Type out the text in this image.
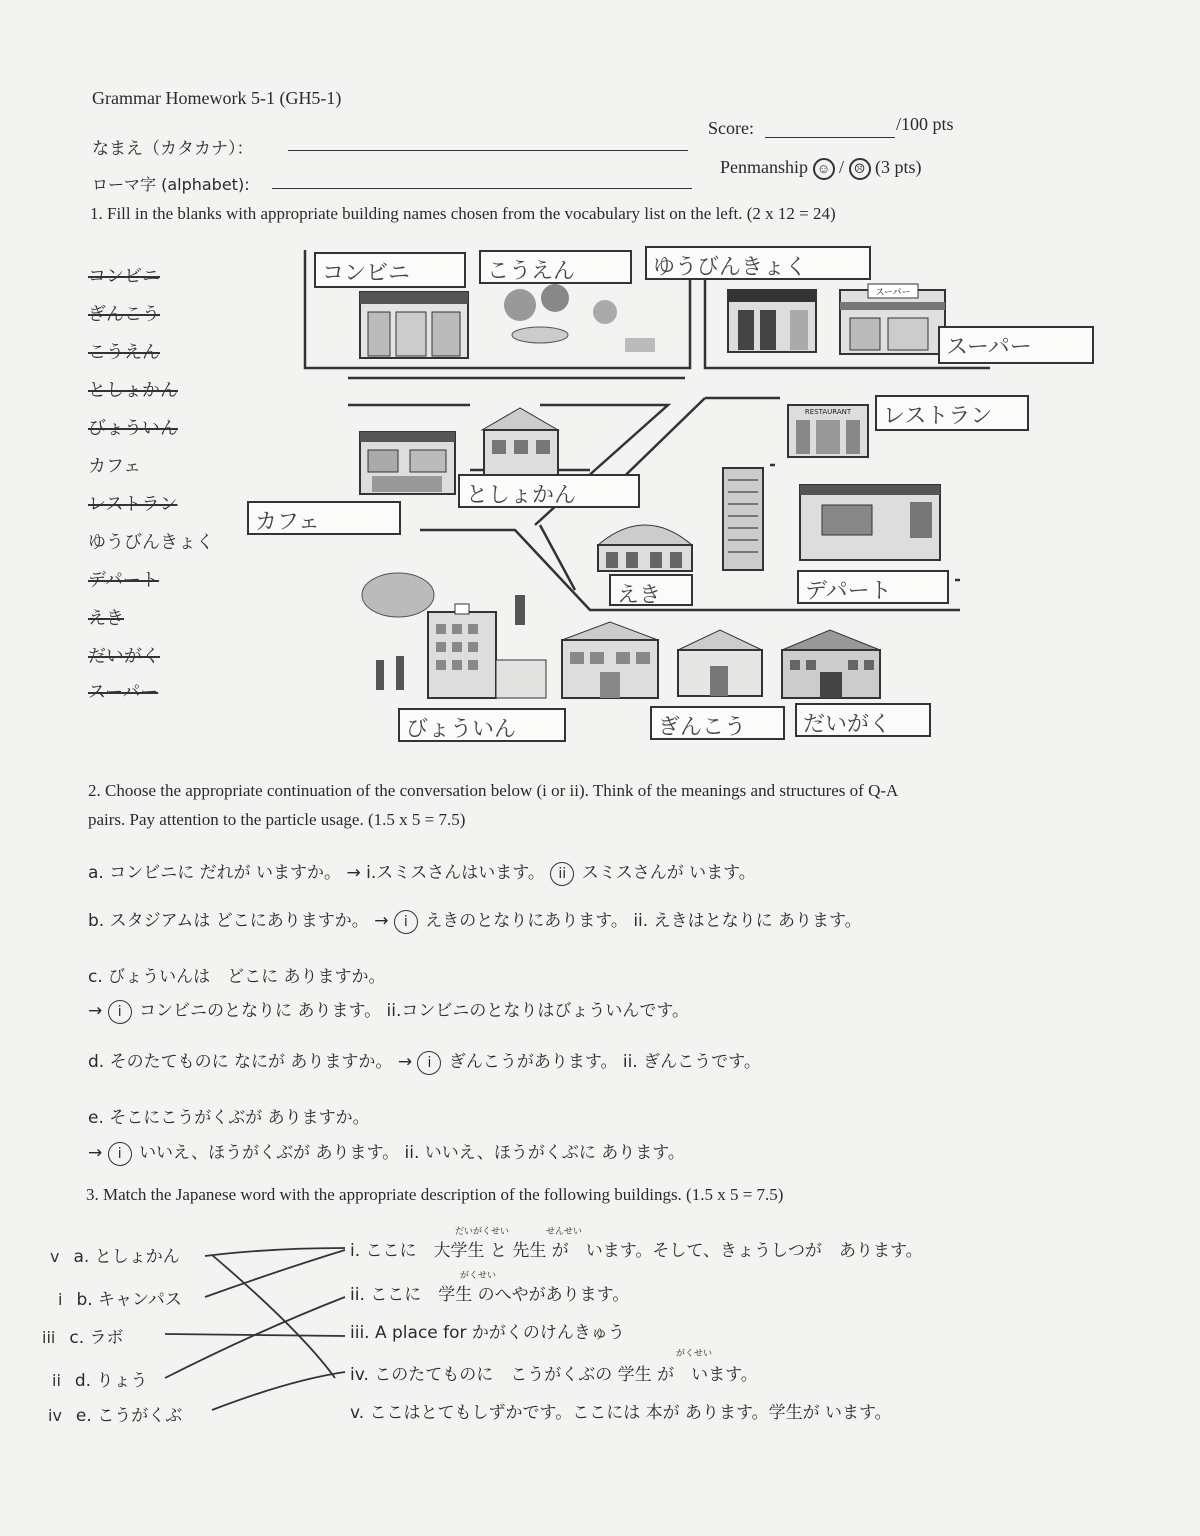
Grammar Homework 5-1 (GH5-1)
なまえ（カタカナ）：
ローマ字 (alphabet):
Score:	/100 pts
Penmanship ☺ / ☹ (3 pts)
1. Fill in the blanks with appropriate building names chosen from the vocabulary list on the left. (2 x 12 = 24)
コンビニ
ぎんこう
こうえん
としょかん
びょういん
カフェ
レストラン
ゆうびんきょく
デパート
えき
だいがく
スーパー
スーパー
RESTAURANT
コンビニ	こうえん	ゆうびんきょく
スーパー
レストラン
としょかん
カフェ
えき	デパート
びょういん	ぎんこう	だいがく
2. Choose the appropriate continuation of the conversation below (i or ii). Think of the meanings and structures of Q-A
pairs. Pay attention to the particle usage. (1.5 x 5 = 7.5)
a. コンビニに だれが いますか。 → i.スミスさんはいます。 ii スミスさんが います。
b. スタジアムは どこにありますか。 → i えきのとなりにあります。 ii. えきはとなりに あります。
c. びょういんは　どこに ありますか。
→ i コンビニのとなりに あります。 ii.コンビニのとなりはびょういんです。
d. そのたてものに なにが ありますか。 → i ぎんこうがあります。 ii. ぎんこうです。
e. そこにこうがくぶが ありますか。
→ i いいえ、ほうがくぶが あります。 ii. いいえ、ほうがくぶに あります。
3. Match the Japanese word with the appropriate description of the following buildings. (1.5 x 5 = 7.5)
v a. としょかん
i b. キャンパス
iii c. ラボ
ii d. りょう
iv e. こうがくぶ
だいがくせい	せんせい
がくせい
がくせい
i. ここに　大学生 と 先生 が　います。そして、きょうしつが　あります。
ii. ここに　学生 のへやがあります。
iii. A place for かがくのけんきゅう
iv. このたてものに　こうがくぶの 学生 が　います。
v. ここはとてもしずかです。ここには 本が あります。学生が います。
